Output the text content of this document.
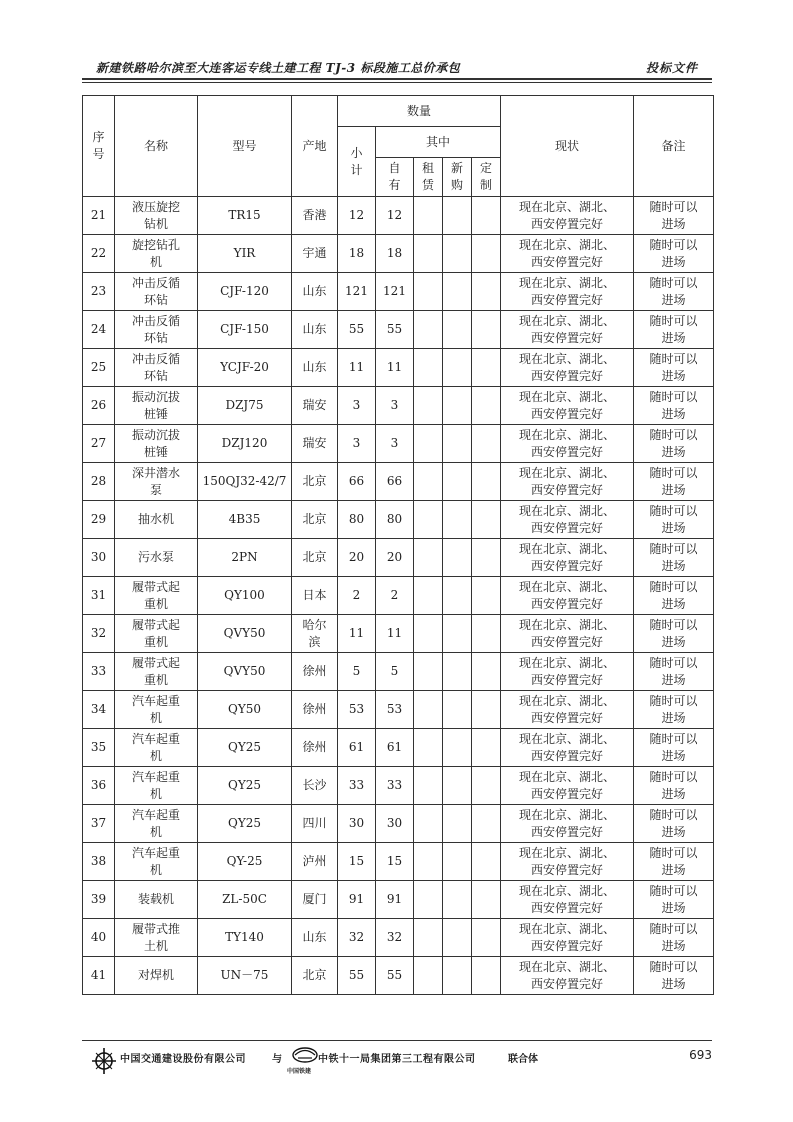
新建铁路哈尔滨至大连客运专线土建工程 TJ-3 标段施工总价承包	投标文件
序号	名称	型号	产地	数量					现状	备注
				小计	其中					
					自有	租赁	新购	定制		

21	液压旋挖钻机	TR15	香港	12	12				现在北京、湖北、西安停置完好	随时可以进场

22	旋挖钻孔机	YIR	宇通	18	18				现在北京、湖北、西安停置完好	随时可以进场

23	冲击反循环钻	CJF-120	山东	121	121				现在北京、湖北、西安停置完好	随时可以进场

24	冲击反循环钻	CJF-150	山东	55	55				现在北京、湖北、西安停置完好	随时可以进场

25	冲击反循环钻	YCJF-20	山东	11	11				现在北京、湖北、西安停置完好	随时可以进场

26	振动沉拔桩锤	DZJ75	瑞安	3	3				现在北京、湖北、西安停置完好	随时可以进场

27	振动沉拔桩锤	DZJ120	瑞安	3	3				现在北京、湖北、西安停置完好	随时可以进场

28	深井潜水泵	150QJ32-42/7	北京	66	66				现在北京、湖北、西安停置完好	随时可以进场

29	抽水机	4B35	北京	80	80				现在北京、湖北、西安停置完好	随时可以进场

30	污水泵	2PN	北京	20	20				现在北京、湖北、西安停置完好	随时可以进场

31	履带式起重机	QY100	日本	2	2				现在北京、湖北、西安停置完好	随时可以进场

32	履带式起重机	QVY50	哈尔滨	11	11				现在北京、湖北、西安停置完好	随时可以进场

33	履带式起重机	QVY50	徐州	5	5				现在北京、湖北、西安停置完好	随时可以进场

34	汽车起重机	QY50	徐州	53	53				现在北京、湖北、西安停置完好	随时可以进场

35	汽车起重机	QY25	徐州	61	61				现在北京、湖北、西安停置完好	随时可以进场

36	汽车起重机	QY25	长沙	33	33				现在北京、湖北、西安停置完好	随时可以进场

37	汽车起重机	QY25	四川	30	30				现在北京、湖北、西安停置完好	随时可以进场

38	汽车起重机	QY-25	泸州	15	15				现在北京、湖北、西安停置完好	随时可以进场

39	装载机	ZL-50C	厦门	91	91				现在北京、湖北、西安停置完好	随时可以进场

40	履带式推土机	TY140	山东	32	32				现在北京、湖北、西安停置完好	随时可以进场

41	对焊机	UN－75	北京	55	55				现在北京、湖北、西安停置完好	随时可以进场
中国交通建设股份有限公司	与
中国铁建
中铁十一局集团第三工程有限公司	联合体	693
